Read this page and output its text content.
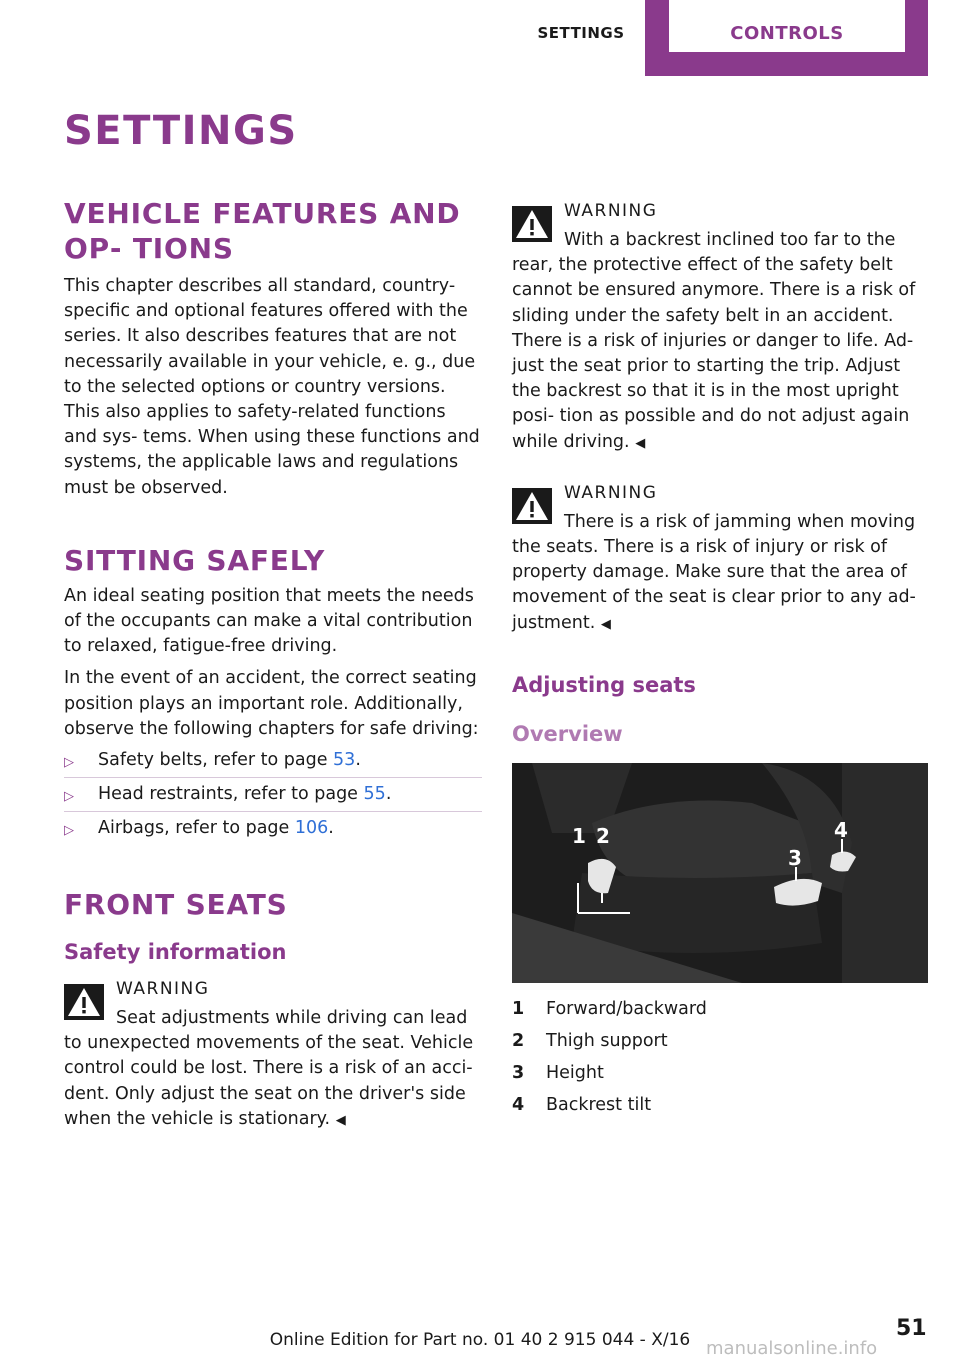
SETTINGS	CONTROLS
SETTINGS
VEHICLE FEATURES AND OP‐ TIONS

This chapter describes all standard, country-specific and optional features offered with the series. It also describes features that are not necessarily available in your vehicle, e. g., due to the selected options or country versions. This also applies to safety-related functions and sys‐ tems. When using these functions and systems, the applicable laws and regulations must be observed.

SITTING SAFELY

An ideal seating position that meets the needs of the occupants can make a vital contribution to relaxed, fatigue-free driving.

In the event of an accident, the correct seating position plays an important role. Additionally, observe the following chapters for safe driving:

▷ Safety belts, refer to page 53.
▷ Head restraints, refer to page 55.
▷ Airbags, refer to page 106.
FRONT SEATS
Safety information
WARNING

Seat adjustments while driving can lead
to unexpected movements of the seat. Vehicle control could be lost. There is a risk of an acci‐ dent. Only adjust the seat on the driver's side when the vehicle is stationary. ◀

WARNING

With a backrest inclined too far to the
rear, the protective effect of the safety belt cannot be ensured anymore. There is a risk of sliding under the safety belt in an accident. There is a risk of injuries or danger to life. Ad‐ just the seat prior to starting the trip. Adjust the backrest so that it is in the most upright posi‐ tion as possible and do not adjust again while driving. ◀

WARNING

There is a risk of jamming when moving
the seats. There is a risk of injury or risk of property damage. Make sure that the area of movement of the seat is clear prior to any ad‐ justment. ◀

Adjusting seats
Overview
1 2
3
4
1 Forward/backward
2 Thigh support
3 Height
4 Backrest tilt
51
Online Edition for Part no. 01 40 2 915 044 - X/16 manualsonline.info
